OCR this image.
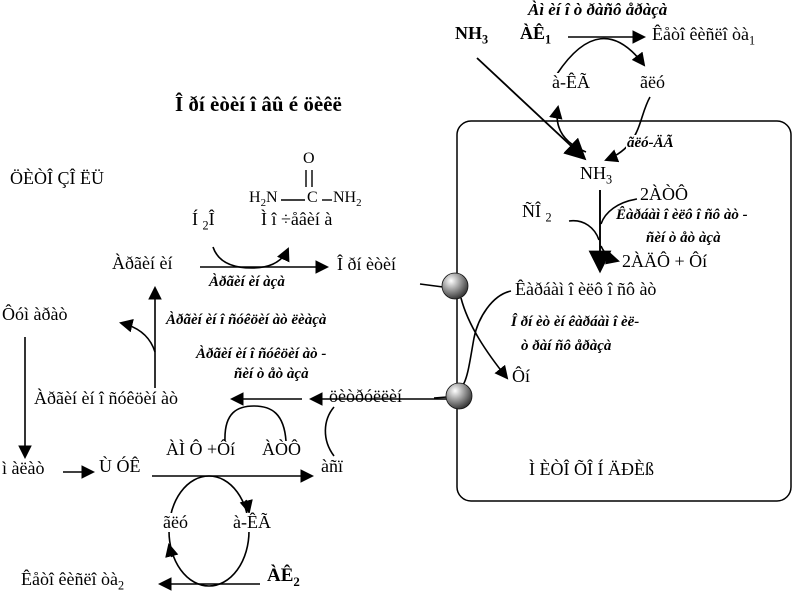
Î ðí èòèí î âû é öèêë
ÖÈÒÎ ÇÎ ËÜ
Ì ÈÒÎ ÕÎ Í ÄÐÈß
Àì èí î ò ðàñô åðàçà
$NH_3$ $ÀÊ_1$	Êåòî êèñëî $òà_1$
à-ÊÃ	ãëó
ãëó-ÄÃ
$NH_3$
ÑÎ $_2$
2ÀÒÔ
Êàðáàì î èëô î ñô àò -
ñèí ò åò àçà
2ÀÄÔ + Ôí
Êàðáàì î èëô î ñô àò
Î ðí èò èí êàðáàì î èë-
ò ðàí ñô åðàçà
Ôí
O
$H_2N$ C $NH_2$
Í $_2$Î	Ì î ÷åâèí à
Àðãèí èí
Àðãèí èí àçà
Î ðí èòèí
Ôóì àðàò	Àðãèí èí î ñóêöèí àò ëèàçà
Àðãèí èí î ñóêöèí àò -
ñèí ò åò àçà
Àðãèí èí î ñóêöèí àò	öèòðóëëèí
ÀÌ Ô +Ôí ÀÒÔ
àñï
ì àëàò	Ù ÓÊ
ãëó	à-ÊÃ
Êåòî êèñëî $òà_2$	$ÀÊ_2$
